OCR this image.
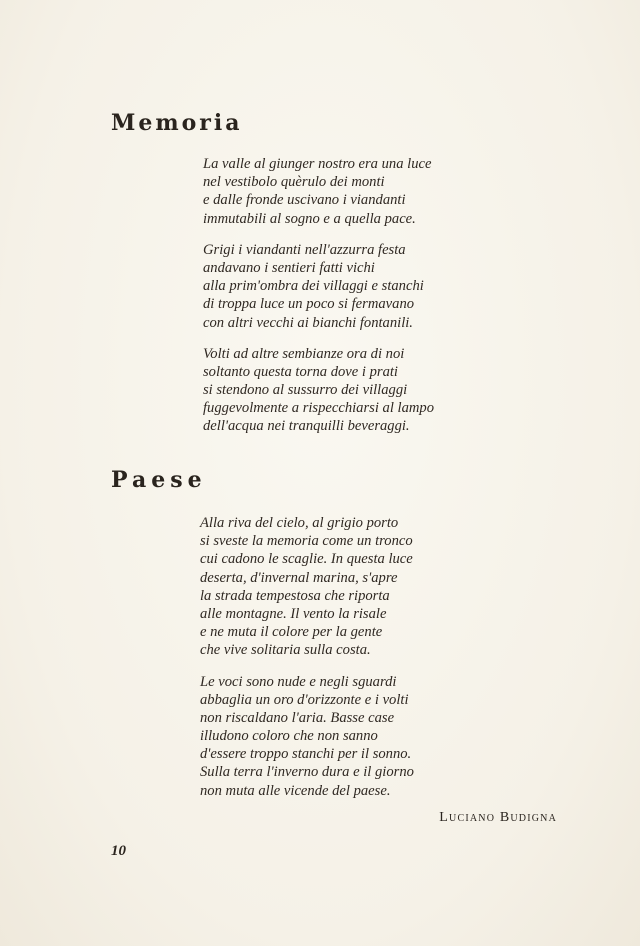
Memoria
La valle al giunger nostro era una luce
nel vestibolo quèrulo dei monti
e dalle fronde uscivano i viandanti
immutabili al sogno e a quella pace.
Grigi i viandanti nell'azzurra festa
andavano i sentieri fatti vichi
alla prim'ombra dei villaggi e stanchi
di troppa luce un poco si fermavano
con altri vecchi ai bianchi fontanili.
Volti ad altre sembianze ora di noi
soltanto questa torna dove i prati
si stendono al sussurro dei villaggi
fuggevolmente a rispecchiarsi al lampo
dell'acqua nei tranquilli beveraggi.
Paese
Alla riva del cielo, al grigio porto
si sveste la memoria come un tronco
cui cadono le scaglie. In questa luce
deserta, d'invernal marina, s'apre
la strada tempestosa che riporta
alle montagne. Il vento la risale
e ne muta il colore per la gente
che vive solitaria sulla costa.
Le voci sono nude e negli sguardi
abbaglia un oro d'orizzonte e i volti
non riscaldano l'aria. Basse case
illudono coloro che non sanno
d'essere troppo stanchi per il sonno.
Sulla terra l'inverno dura e il giorno
non muta alle vicende del paese.

Luciano Budigna

10
